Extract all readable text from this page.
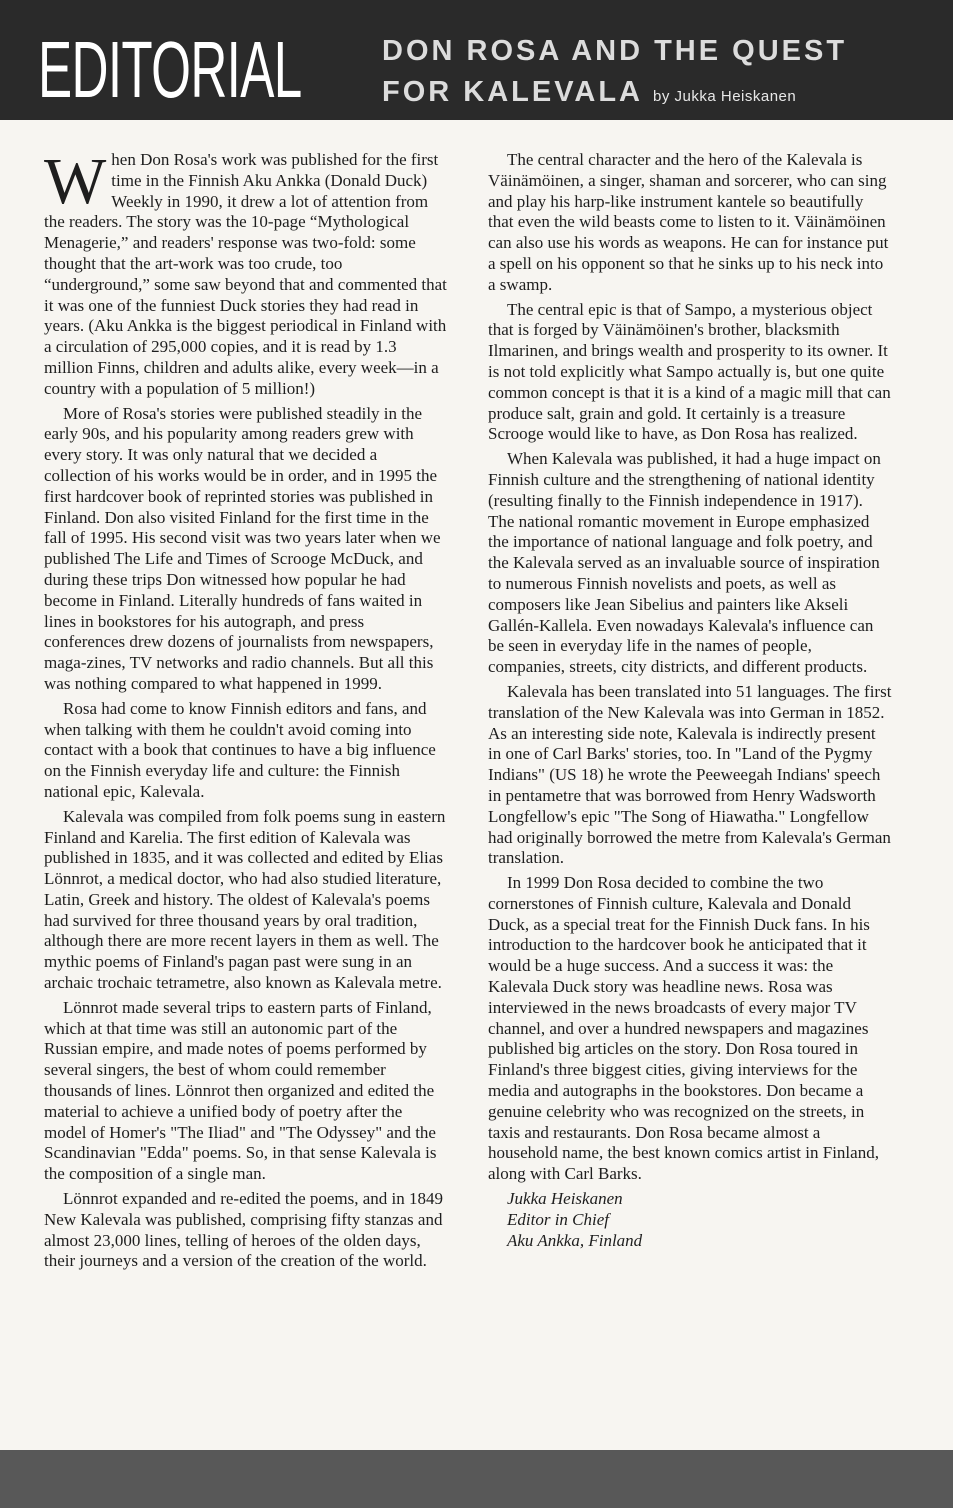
EDITORIAL	DON ROSA AND THE QUEST
FOR KALEVALA by Jukka Heiskanen

When Don Rosa's work was published for the first time in the Finnish Aku Ankka (Donald Duck) Weekly in 1990, it drew a lot of attention from the readers. The story was the 10-page “Mythological Menagerie,” and readers' response was two-fold: some thought that the art-work was too crude, too “underground,” some saw beyond that and commented that it was one of the funniest Duck stories they had read in years. (Aku Ankka is the biggest periodical in Finland with a circulation of 295,000 copies, and it is read by 1.3 million Finns, children and adults alike, every week—in a country with a population of 5 million!)

More of Rosa's stories were published steadily in the early 90s, and his popularity among readers grew with every story. It was only natural that we decided a collection of his works would be in order, and in 1995 the first hardcover book of reprinted stories was published in Finland. Don also visited Finland for the first time in the fall of 1995. His second visit was two years later when we published The Life and Times of Scrooge McDuck, and during these trips Don witnessed how popular he had become in Finland. Literally hundreds of fans waited in lines in bookstores for his autograph, and press conferences drew dozens of journalists from newspapers, maga-zines, TV networks and radio channels. But all this was nothing compared to what happened in 1999.

Rosa had come to know Finnish editors and fans, and when talking with them he couldn't avoid coming into contact with a book that continues to have a big influence on the Finnish everyday life and culture: the Finnish national epic, Kalevala.

Kalevala was compiled from folk poems sung in eastern Finland and Karelia. The first edition of Kalevala was published in 1835, and it was collected and edited by Elias Lönnrot, a medical doctor, who had also studied literature, Latin, Greek and history. The oldest of Kalevala's poems had survived for three thousand years by oral tradition, although there are more recent layers in them as well. The mythic poems of Finland's pagan past were sung in an archaic trochaic tetrametre, also known as Kalevala metre.

Lönnrot made several trips to eastern parts of Finland, which at that time was still an autonomic part of the Russian empire, and made notes of poems performed by several singers, the best of whom could remember thousands of lines. Lönnrot then organized and edited the material to achieve a unified body of poetry after the model of Homer's "The Iliad" and "The Odyssey" and the Scandinavian "Edda" poems. So, in that sense Kalevala is the composition of a single man.

Lönnrot expanded and re-edited the poems, and in 1849 New Kalevala was published, comprising fifty stanzas and almost 23,000 lines, telling of heroes of the olden days, their journeys and a version of the creation of the world.

The central character and the hero of the Kalevala is Väinämöinen, a singer, shaman and sorcerer, who can sing and play his harp-like instrument kantele so beautifully that even the wild beasts come to listen to it. Väinämöinen can also use his words as weapons. He can for instance put a spell on his opponent so that he sinks up to his neck into a swamp.

The central epic is that of Sampo, a mysterious object that is forged by Väinämöinen's brother, blacksmith Ilmarinen, and brings wealth and prosperity to its owner. It is not told explicitly what Sampo actually is, but one quite common concept is that it is a kind of a magic mill that can produce salt, grain and gold. It certainly is a treasure Scrooge would like to have, as Don Rosa has realized.

When Kalevala was published, it had a huge impact on Finnish culture and the strengthening of national identity (resulting finally to the Finnish independence in 1917). The national romantic movement in Europe emphasized the importance of national language and folk poetry, and the Kalevala served as an invaluable source of inspiration to numerous Finnish novelists and poets, as well as composers like Jean Sibelius and painters like Akseli Gallén-Kallela. Even nowadays Kalevala's influence can be seen in everyday life in the names of people, companies, streets, city districts, and different products.

Kalevala has been translated into 51 languages. The first translation of the New Kalevala was into German in 1852. As an interesting side note, Kalevala is indirectly present in one of Carl Barks' stories, too. In "Land of the Pygmy Indians" (US 18) he wrote the Peeweegah Indians' speech in pentametre that was borrowed from Henry Wadsworth Longfellow's epic "The Song of Hiawatha." Longfellow had originally borrowed the metre from Kalevala's German translation.

In 1999 Don Rosa decided to combine the two cornerstones of Finnish culture, Kalevala and Donald Duck, as a special treat for the Finnish Duck fans. In his introduction to the hardcover book he anticipated that it would be a huge success. And a success it was: the Kalevala Duck story was headline news. Rosa was interviewed in the news broadcasts of every major TV channel, and over a hundred newspapers and magazines published big articles on the story. Don Rosa toured in Finland's three biggest cities, giving interviews for the media and autographs in the bookstores. Don became a genuine celebrity who was recognized on the streets, in taxis and restaurants. Don Rosa became almost a household name, the best known comics artist in Finland, along with Carl Barks.

Jukka Heiskanen
Editor in Chief
Aku Ankka, Finland
